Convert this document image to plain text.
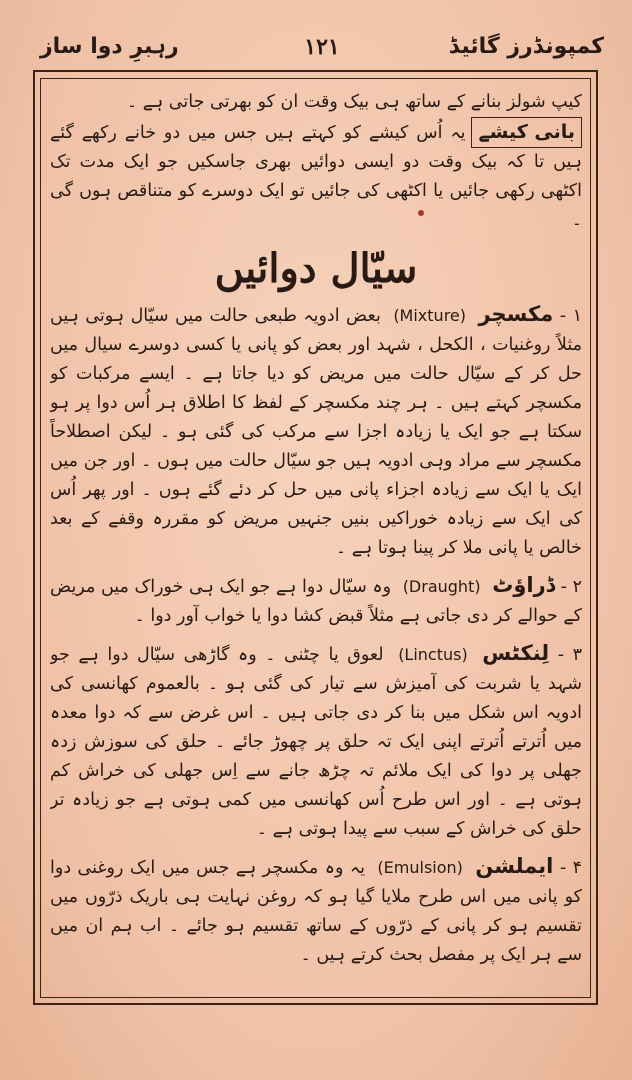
کمپونڈرز گائیڈ
۱۲۱
رہبرِ دوا ساز

کیپ شولز بنانے کے ساتھ ہی بیک وقت ان کو بھرتی جاتی ہے ۔

بانی کیشےیہ اُس کیشے کو کہتے ہیں جس میں دو خانے رکھے گئے ہیں تا کہ بیک وقت دو ایسی دوائیں بھری جاسکیں جو ایک مدت تک اکٹھی رکھی جائیں یا اکٹھی کی جائیں تو ایک دوسرے کو متناقص ہوں گی ۔

سیّال دوائیں

۱ - مکسچر (Mixture) بعض ادویہ طبعی حالت میں سیّال ہوتی ہیں مثلاً روغنیات ، الکحل ، شہد اور بعض کو پانی یا کسی دوسرے سیال میں حل کر کے سیّال حالت میں مریض کو دیا جاتا ہے ۔ ایسے مرکبات کو مکسچر کہتے ہیں ۔ ہر چند مکسچر کے لفظ کا اطلاق ہر اُس دوا پر ہو سکتا ہے جو ایک یا زیادہ اجزا سے مرکب کی گئی ہو ۔ لیکن اصطلاحاً مکسچر سے مراد وہی ادویہ ہیں جو سیّال حالت میں ہوں ۔ اور جن میں ایک یا ایک سے زیادہ اجزاء پانی میں حل کر دئے گئے ہوں ۔ اور پھر اُس کی ایک سے زیادہ خوراکیں بنیں جنہیں مریض کو مقررہ وقفے کے بعد خالص یا پانی ملا کر پینا ہوتا ہے ۔

۲ - ڈراؤٹ (Draught) وہ سیّال دوا ہے جو ایک ہی خوراک میں مریض کے حوالے کر دی جاتی ہے مثلاً قبض کشا دوا یا خواب آور دوا ۔

۳ - لِنکٹس (Linctus) لعوق یا چٹنی ۔ وہ گاڑھی سیّال دوا ہے جو شہد یا شربت کی آمیزش سے تیار کی گئی ہو ۔ بالعموم کھانسی کی ادویہ اس شکل میں بنا کر دی جاتی ہیں ۔ اس غرض سے کہ دوا معدہ میں اُترتے اُترتے اپنی ایک تہ حلق پر چھوڑ جائے ۔ حلق کی سوزش زدہ جھلی پر دوا کی ایک ملائم تہ چڑھ جانے سے اِس جھلی کی خراش کم ہوتی ہے ۔ اور اس طرح اُس کھانسی میں کمی ہوتی ہے جو زیادہ تر حلق کی خراش کے سبب سے پیدا ہوتی ہے ۔

۴ - ایملشن (Emulsion) یہ وہ مکسچر ہے جس میں ایک روغنی دوا کو پانی میں اس طرح ملایا گیا ہو کہ روغن نہایت ہی باریک ذرّوں میں تقسیم ہو کر پانی کے ذرّوں کے ساتھ تقسیم ہو جائے ۔ اب ہم ان میں سے ہر ایک پر مفصل بحث کرتے ہیں ۔
